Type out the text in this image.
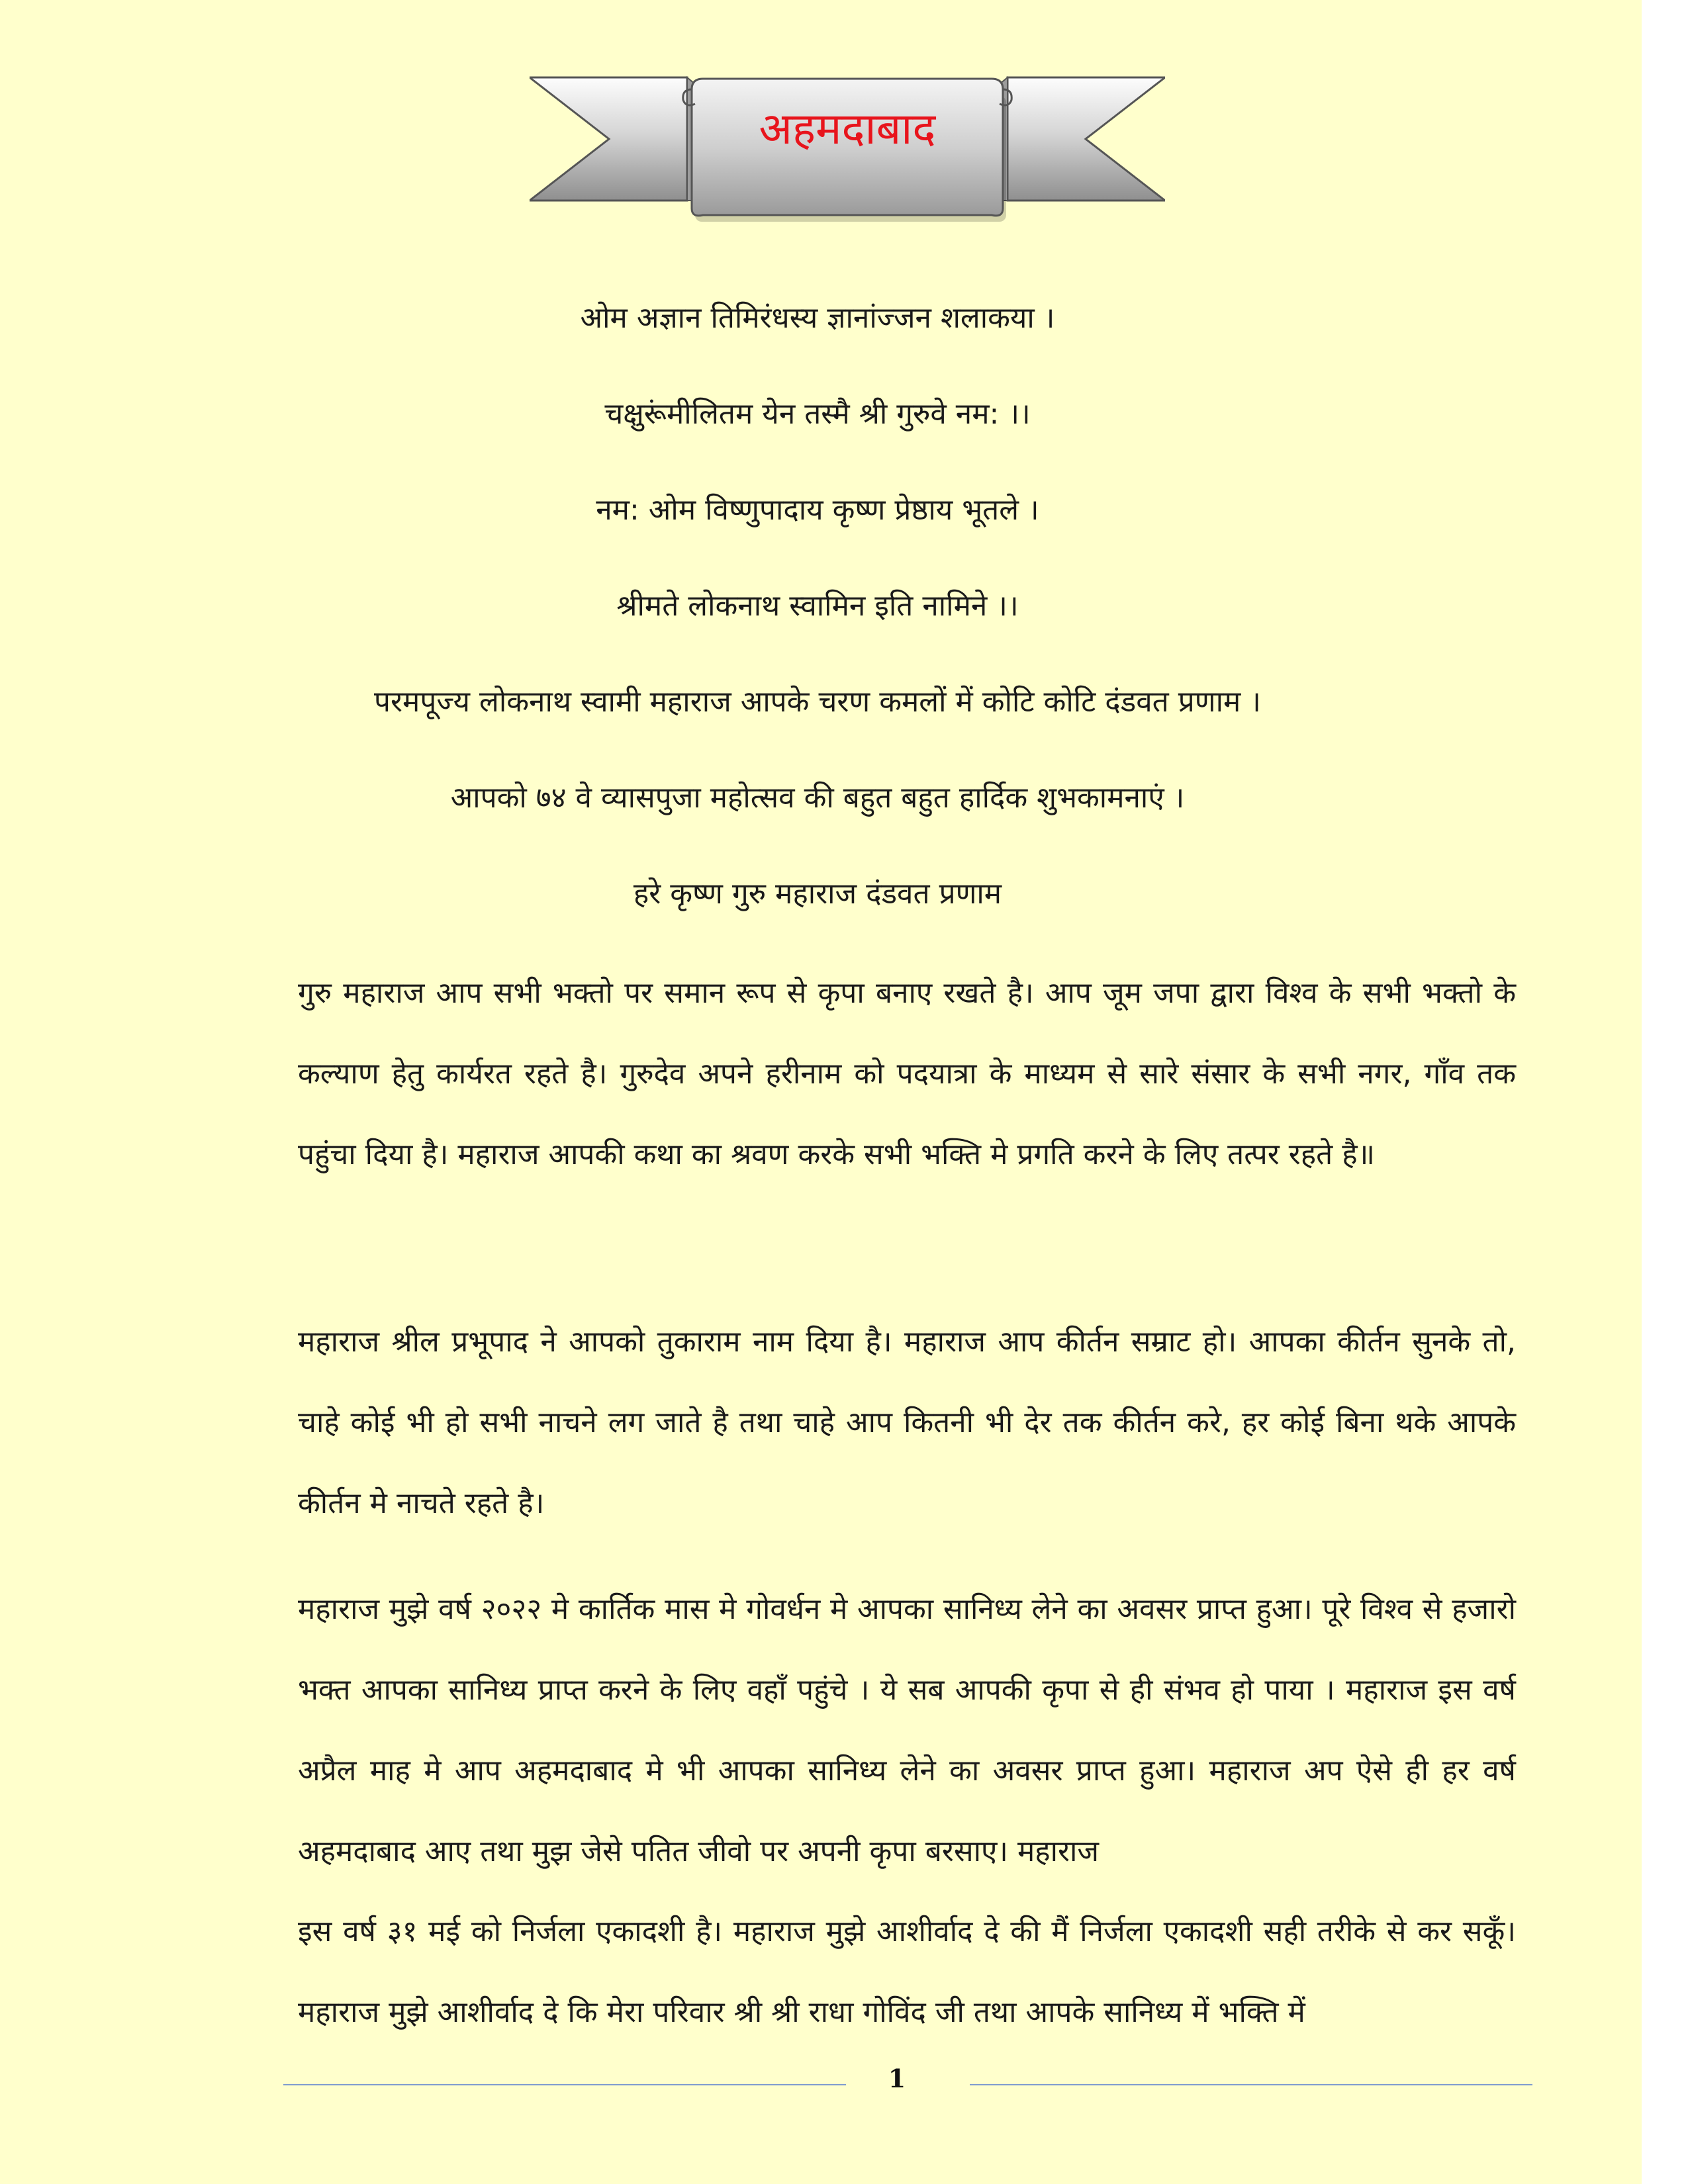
अहमदाबाद
ओम अज्ञान तिमिरंधस्य ज्ञानांज्जन शलाकया ।
चक्षुरूंमीलितम येन तस्मै श्री गुरुवे नम: ।।
नम: ओम विष्णुपादाय कृष्ण प्रेष्ठाय भूतले ।
श्रीमते लोकनाथ स्वामिन इति नामिने ।।
परमपूज्य लोकनाथ स्वामी महाराज आपके चरण कमलों में कोटि कोटि दंडवत प्रणाम ।
आपको ७४ वे व्यासपुजा महोत्सव की बहुत बहुत हार्दिक शुभकामनाएं ।
हरे कृष्ण गुरु महाराज दंडवत प्रणाम

गुरु महाराज आप सभी भक्तो पर समान रूप से कृपा बनाए रखते है। आप जूम जपा द्वारा विश्व के सभी भक्तो के कल्याण हेतु कार्यरत रहते है। गुरुदेव अपने हरीनाम को पदयात्रा के माध्यम से सारे संसार के सभी नगर, गाँव तक पहुंचा दिया है। महाराज आपकी कथा का श्रवण करके सभी भक्ति मे प्रगति करने के लिए तत्पर रहते है॥

महाराज श्रील प्रभूपाद ने आपको तुकाराम नाम दिया है। महाराज आप कीर्तन सम्राट हो। आपका कीर्तन सुनके तो, चाहे कोई भी हो सभी नाचने लग जाते है तथा चाहे आप कितनी भी देर तक कीर्तन करे, हर कोई बिना थके आपके कीर्तन मे नाचते रहते है।

महाराज मुझे वर्ष २०२२ मे कार्तिक मास मे गोवर्धन मे आपका सानिध्य लेने का अवसर प्राप्त हुआ। पूरे विश्व से हजारो भक्त आपका सानिध्य प्राप्त करने के लिए वहाँ पहुंचे । ये सब आपकी कृपा से ही संभव हो पाया । महाराज इस वर्ष अप्रैल माह मे आप अहमदाबाद मे भी आपका सानिध्य लेने का अवसर प्राप्त हुआ। महाराज अप ऐसे ही हर वर्ष अहमदाबाद आए तथा मुझ जेसे पतित जीवो पर अपनी कृपा बरसाए। महाराज

इस वर्ष ३१ मई को निर्जला एकादशी है। महाराज मुझे आशीर्वाद दे की मैं निर्जला एकादशी सही तरीके से कर सकूँ। महाराज मुझे आशीर्वाद दे कि मेरा परिवार श्री श्री राधा गोविंद जी तथा आपके सानिध्य में भक्ति में

1
